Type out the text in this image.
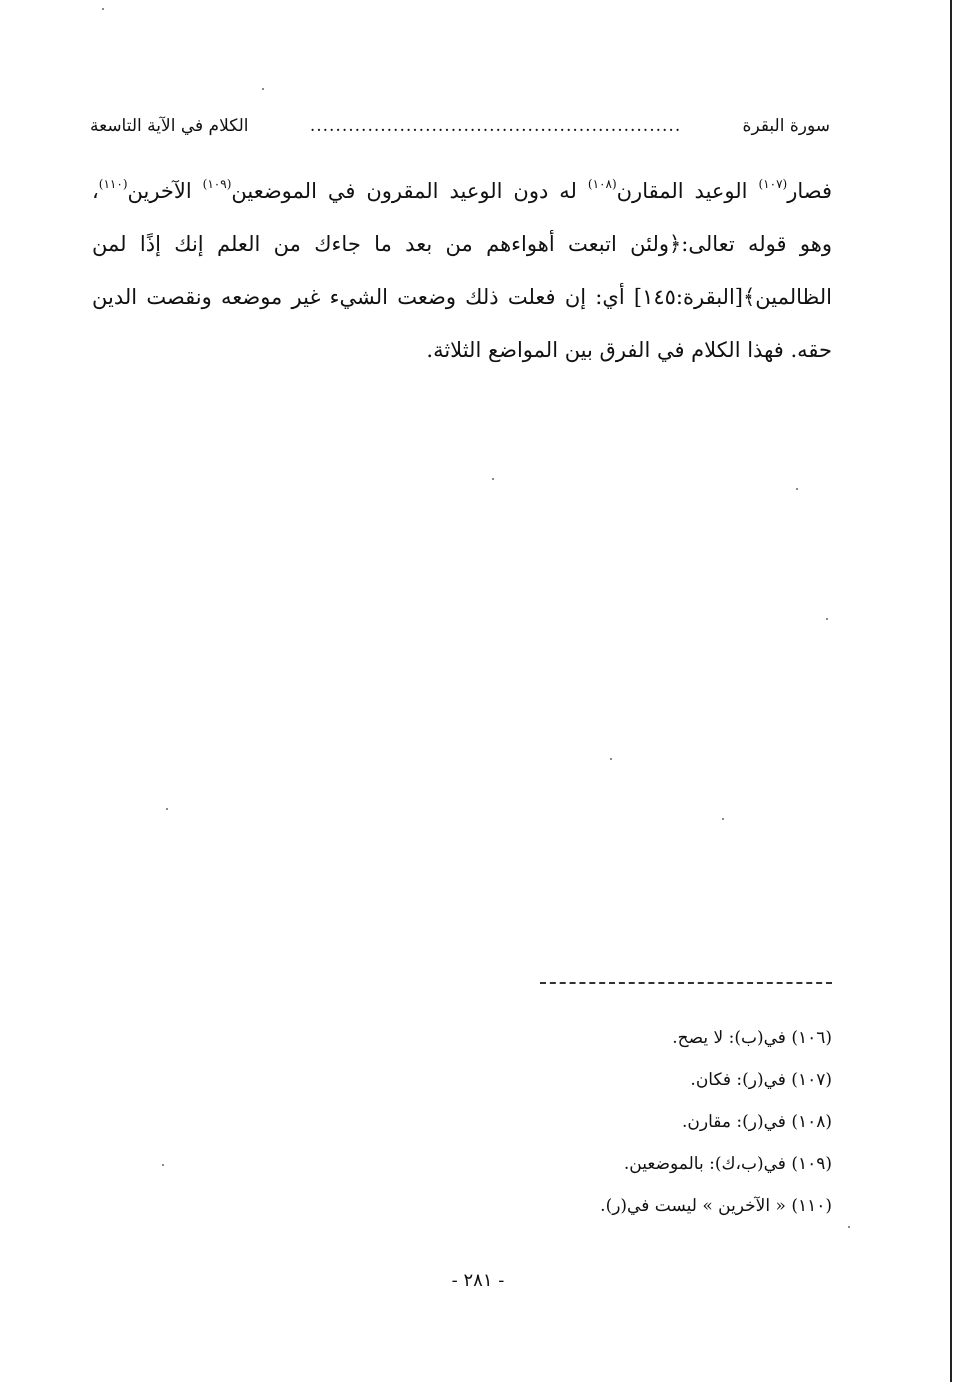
سورة البقرة
..........................................................
الكلام في الآية التاسعة

فصار$^{(١٠٧)}$ الوعيد المقارن$^{(١٠٨)}$ له دون الوعيد المقرون في الموضعين$^{(١٠٩)}$ الآخرين$^{(١١٠)}$، وهو قوله تعالى:﴿ولئن اتبعت أهواءهم من بعد ما جاءك من العلم إنك إذًا لمن الظالمين﴾[البقرة:١٤٥] أي: إن فعلت ذلك وضعت الشيء غير موضعه ونقصت الدين حقه. فهذا الكلام في الفرق بين المواضع الثلاثة.

(١٠٦) في(ب): لا يصح.
(١٠٧) في(ر): فكان.
(١٠٨) في(ر): مقارن.
(١٠٩) في(ب،ك): بالموضعين.
(١١٠) « الآخرين » ليست في(ر).
- ٢٨١ -
